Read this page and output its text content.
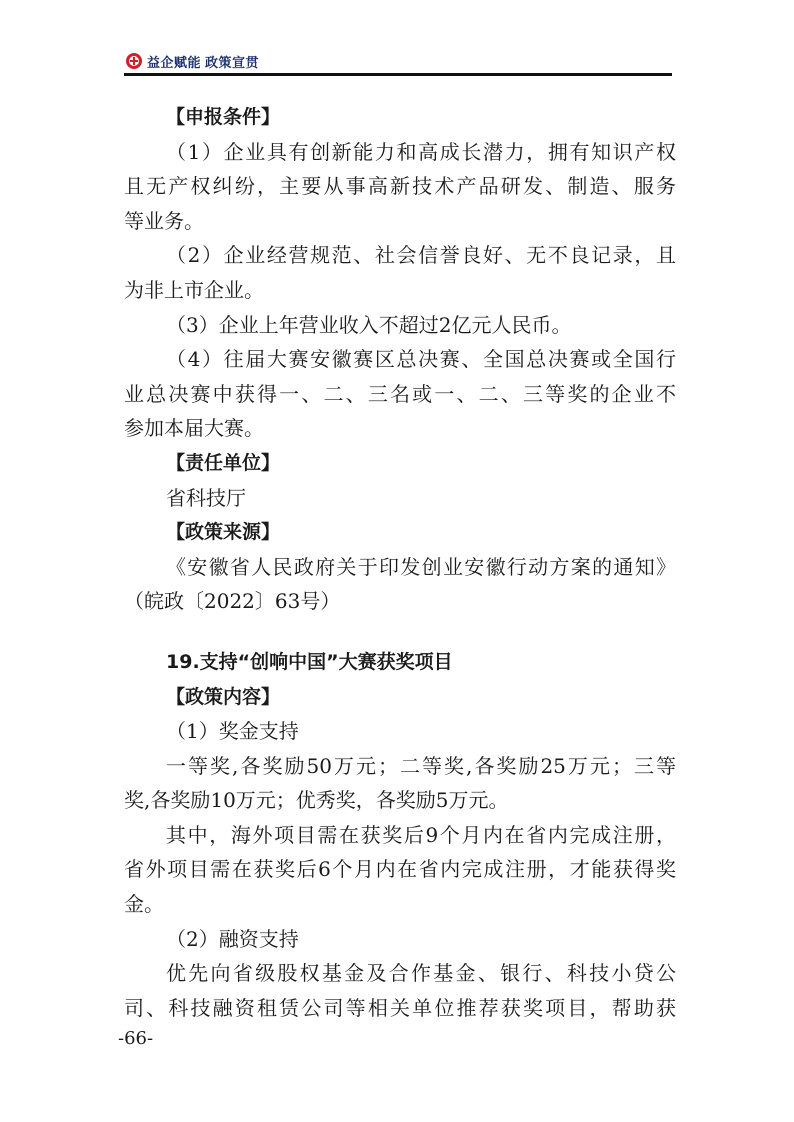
益企赋能 政策宣贯
【申报条件】
（1）企业具有创新能力和高成长潜力，拥有知识产权
且无产权纠纷，主要从事高新技术产品研发、制造、服务
等业务。
（2）企业经营规范、社会信誉良好、无不良记录，且
为非上市企业。
（3）企业上年营业收入不超过2亿元人民币。
（4）往届大赛安徽赛区总决赛、全国总决赛或全国行
业总决赛中获得一、二、三名或一、二、三等奖的企业不
参加本届大赛。
【责任单位】
省科技厅
【政策来源】
《安徽省人民政府关于印发创业安徽行动方案的通知》
（皖政〔2022〕63号）
19.支持“创响中国”大赛获奖项目
【政策内容】
（1）奖金支持
一等奖,各奖励50万元；二等奖,各奖励25万元；三等
奖,各奖励10万元；优秀奖，各奖励5万元。
其中，海外项目需在获奖后9个月内在省内完成注册，
省外项目需在获奖后6个月内在省内完成注册，才能获得奖
金。
（2）融资支持
优先向省级股权基金及合作基金、银行、科技小贷公
司、科技融资租赁公司等相关单位推荐获奖项目，帮助获
-66-
